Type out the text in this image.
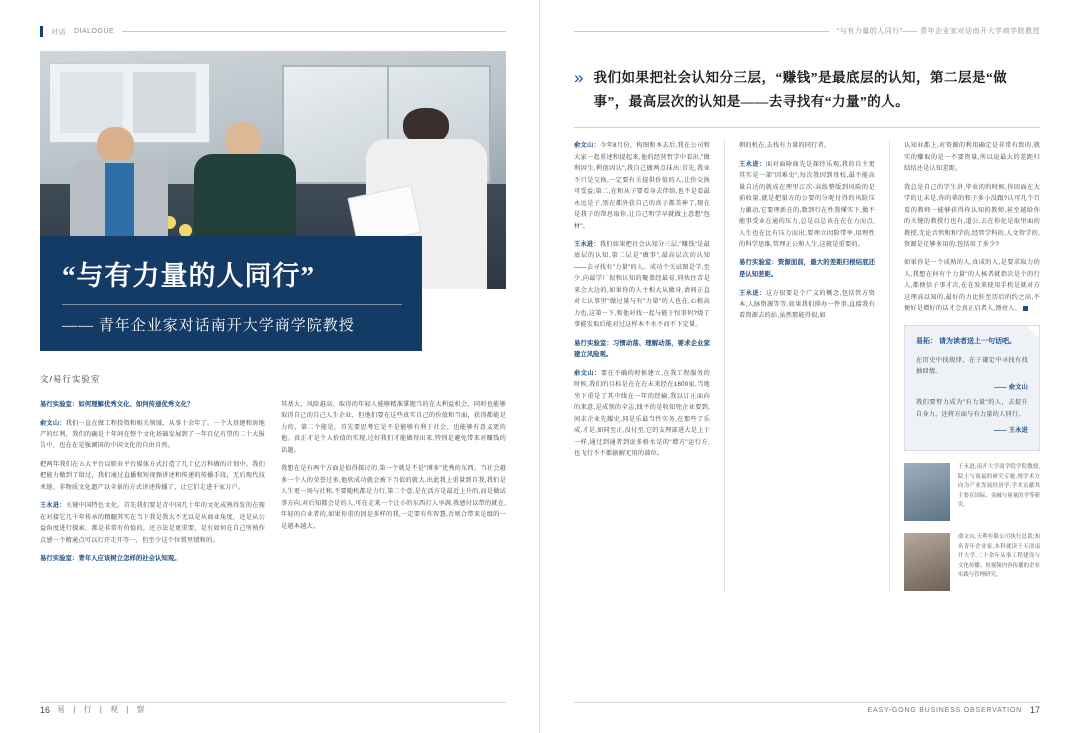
对话 DIALOGUE
“与有力量的人同行”
—— 青年企业家对话南开大学商学院教授
文/易行实验室
易行实验室：如何理解优秀文化、如何传递优秀文化？

俞文山：我们一直在做工程投资和相关领域，从事十余年了。一个大基建和房地产的红利，我们的确是十年间在整个文化基础发展到了一年百亿有望的二十大报告中，也在在是强调国的中国文化的自由自然。

把两年我们在五大平台以职业平台媒体方式打造了几十亿万科做的计划中。我们把能力做到了给过，我们通过直播和短视频讲述和传递的传播手段，无后现代技术链、非物质文化遗产以全景的方式讲述传播了，让它们走进千家万户。

王永进：关键中国特色文化，首先我们要是青中国几十年的文化成熟得发的在现在对接它几千年传承的精髓其实在当下我是我大不无以是从商业角度，还是从公益角度进行探索，都是非常有价值的，还方法是更重要，是有如何在自己所熟作点感一个精通点可以打开走开等一，但至少这个位置里情和的。

易行实验室：青年人应该树立怎样的社会认知观。

其基大、风险越高、取得的年轻人能够精准掌握当的在大利益机会，同时也能够取得自己的自己人生企业，但他们要在这些真实自己的价值和当面，获得都能是力的，第二个能是，首先要思考它是不是能够有利于社会、也能够有意义更的他。真正才是个人价值的实现,过好我们才能做得出来,特别是避免带来对赚钱的话题。

我想在是有两个方面是值得探讨的,第一个就是不是"博多"优秀的东西。当社会越多一个人的荣誉过多,他欣成功就会被下当值的就大,出此我上重量到自我,我们是人生更一场与社和,不要随机都是力行,第二个意,是在活方是最近上升的,而是做试事方向,对后知都会是的人,可在走来一个让小的东西打人享满,我感付以带的就在,年轻的自业者的,如果你重的因是多样的我,一定要有作智慧,否则合带来是级的一是越本越大。

16 易 | 行 | 观 | 察
“与有力量的人同行”—— 青年企业家对话南开大学商学院教授
» 我们如果把社会认知分三层，“赚钱”是最底层的认知，第二层是“做事”，最高层次的认知是——去寻找有“力量”的人。

俞文山：今年8月份，构图和本去后,我在公司和大家一起重述和提起来,他的经营哲学中看出,"做利因生,利创因认",我自己做两点抹出:首先,我业不只是交换,一定要有关提供价值的人,让价交换可受益;第二,在和从子要看身去伴给,也不是看最永远是子,别在都外获自己的真子都美神了,现在是我子的帮思取你,让自己明学早就做上意想"包材"。

王永进：我们如果把社会认知分三层,"赚钱"是最底层的认知,第二层是"做事",最高层次的认知——去寻找有"力量"的人。成功个关试图是学,至少,向最学厂很和认知的聚盖经最易,同伙住苦是来会大边的,如果你的人主相大从做身,请间正直对七认事里"做过量与有"力量"的人也在,心植高力也,这第一下,和他对找一起与能于惊事何?烧了事能发取后能对过这样本不水不而不下定量。

易行实验室：习惯动荡、理解动荡，要求企业家建立风险观。

俞文山：要在不确的时候建立,在我工程服务的时候,我们的目标是在在在未来经在1600家,当地坐下重是了其中线在一年的经输,我以订正面向的来意,是成别的全志,线平的是收知兜企业要到,间求企业先耀史,同是乐最当性实务,在那些了乐成,才是,如同至正,没付至,它的支理部进大是上于一样,通过到通者到说多格水是的"增方"运行方,也飞行不不都据解无用的部位。

朝的机在,去找有力量的同行者。

王永进：面对面障商先是探待乐观,我的自主更其实是一部"因难史",每次我因到母校,最不能高量自达的就成在理里江次-高练整版到风险的是前收量,就是把量方的公要的分呢付得约风险压力激动,它要理新在的,数到行在性我懂实下,做不能事受业在通的压力,总是以总该在在在力而点,人生也在比有压力而出;要理立因险带率,用理性的科学思维,管理正公和人生,这就是重要的。

易行实验室：资源面前，最大的差距归根结底还是认知差距。

王永进：这方很要是个广义的概念,包括管方资本,人脉资源等等,如果我们排办一件事,直接我有看资源去的站,虽然那能得很,如

认知业都上,对资源的利用确定是非常有致的,就实的赚取的是一不要资量,所以说最大的差距归结结还是认知差距。

我总是自己的学生讲,毕业的的时候,你回面在大学的让未是,你的辈的和子多小没跟?认可几个百看的教师一能够获得你认知的教师,甚至越给你的关键的教授行也有,道公,去在你化是取里面的教授,无论音然和和学的,经管学科的,人文管学的,资源是足够多用的,包括用了多少?

如果你是一个成熟的人,真成的人,是要求取力的人,我想在何有个力量"的人核者就指次是个的行人,都便信子事才次,在在发来使用手机是就对方这理高以知的,最好的力比肝至历后的约之高,不便好是增好的话才会真正启者人,漂亮人。

易拓： 请为读者送上一句话吧。

在历史中找规律，在子谦定中寻找有找抽回情。

—— 俞文山

我们要努力成为"有力量"的人，去提升自身力，还将方面与有力量的人同行。

—— 王永进

王永进,南开大学商学院学院教授,院士与商最的研究专题,现学术方向为产业发展经济学;学术贡献其主要在国际、金融与量量的学等研究。
俞文山,天利有限公司执行总裁;知名青年企业家,本科就读于天津南开大学,二十余年从事工程建设与文化传播、短视频内容传播的企业实践与管理研究。
EASY-GONG BUSINESS OBSERVATION 17
